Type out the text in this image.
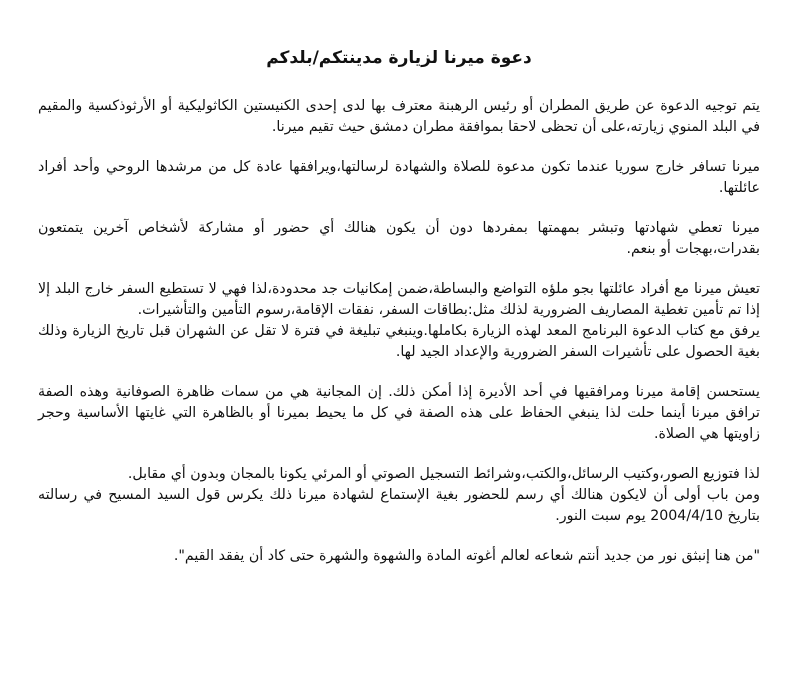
دعوة ميرنا لزيارة مدينتكم/بلدكم

يتم توجيه الدعوة عن طريق المطران أو رئيس الرهبنة معترف بها لدى إحدى الكنيستين الكاثوليكية أو الأرثوذكسية والمقيم في البلد المنوي زيارته،على أن تحظى لاحقا بموافقة مطران دمشق حيث تقيم ميرنا.

ميرنا تسافر خارج سوريا عندما تكون مدعوة للصلاة والشهادة لرسالتها،ويرافقها عادة كل من مرشدها الروحي وأحد أفراد عائلتها.

ميرنا تعطي شهادتها وتبشر بمهمتها بمفردها دون أن يكون هنالك أي حضور أو مشاركة لأشخاص آخرين يتمتعون بقدرات،بهجات أو بنعم.

تعيش ميرنا مع أفراد عائلتها بجو ملؤه التواضع والبساطة،ضمن إمكانيات جد محدودة،لذا فهي لا تستطيع السفر خارج البلد إلا إذا تم تأمين تغطية المصاريف الضرورية لذلك مثل:بطاقات السفر، نفقات الإقامة،رسوم التأمين والتأشيرات.

يرفق مع كتاب الدعوة البرنامج المعد لهذه الزيارة بكاملها.وينبغي تبليغة في فترة لا تقل عن الشهران قبل تاريخ الزيارة وذلك بغية الحصول على تأشيرات السفر الضرورية والإعداد الجيد لها.

يستحسن إقامة ميرنا ومرافقيها في أحد الأديرة إذا أمكن ذلك. إن المجانية هي من سمات ظاهرة الصوفانية وهذه الصفة ترافق ميرنا أينما حلت لذا ينبغي الحفاظ على هذه الصفة في كل ما يحيط بميرنا أو بالظاهرة التي غايتها الأساسية وحجر زاويتها هي الصلاة.

لذا فتوزيع الصور،وكتيب الرسائل،والكتب،وشرائط التسجيل الصوتي أو المرئي يكونا بالمجان وبدون أي مقابل.

ومن باب أولى أن لايكون هنالك أي رسم للحضور بغية الإستماع لشهادة ميرنا ذلك يكرس قول السيد المسيح في رسالته بتاريخ 2004/4/10 يوم سبت النور.

"من هنا إنبثق نور من جديد أنتم شعاعه لعالم أغوته المادة والشهوة والشهرة حتى كاد أن يفقد القيم".
